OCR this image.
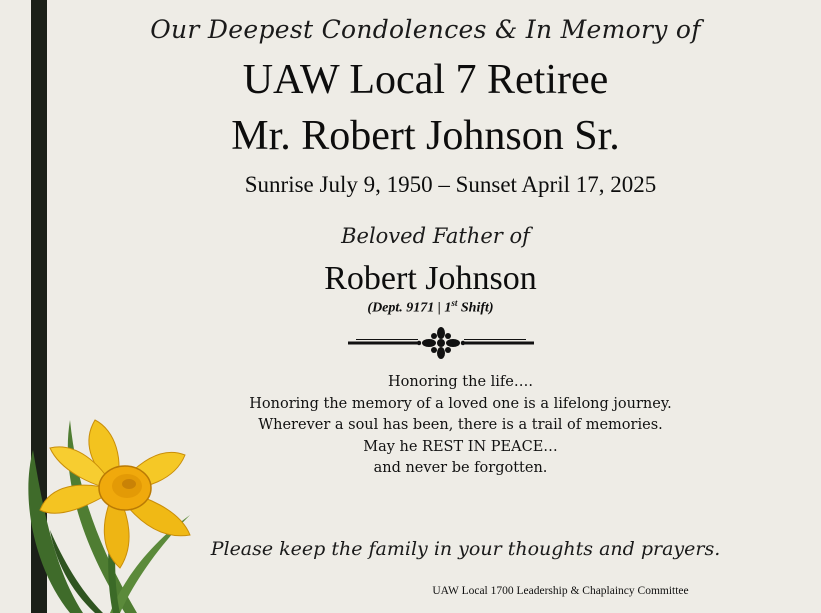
Our Deepest Condolences & In Memory of
UAW Local 7 Retiree
Mr. Robert Johnson Sr.
Sunrise July 9, 1950 – Sunset April 17, 2025
Beloved Father of
Robert Johnson
(Dept. 9171 | 1st Shift)
Honoring the life….
Honoring the memory of a loved one is a lifelong journey.
Wherever a soul has been, there is a trail of memories.
May he REST IN PEACE…
and never be forgotten.
Please keep the family in your thoughts and prayers.
UAW Local 1700 Leadership & Chaplaincy Committee
